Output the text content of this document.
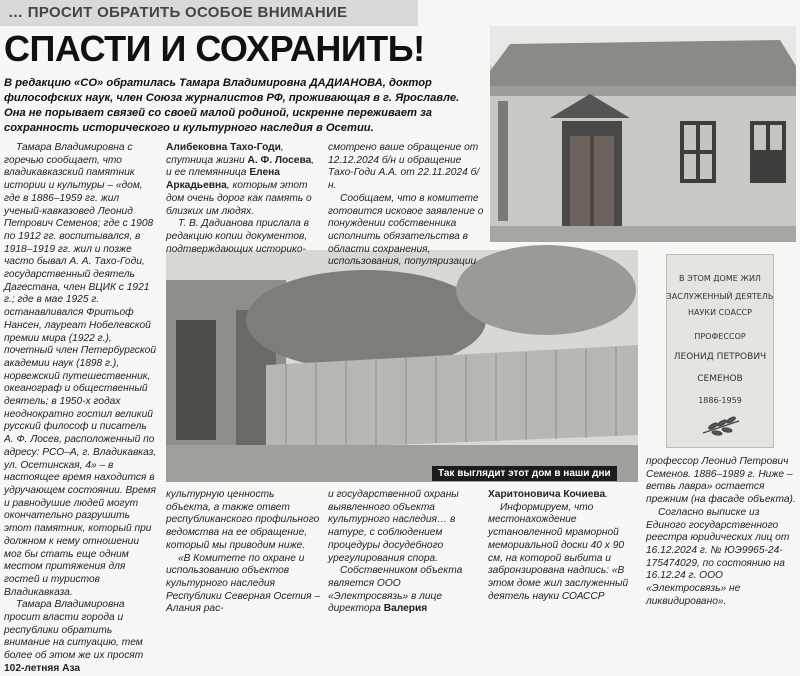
… ПРОСИТ ОБРАТИТЬ ОСОБОЕ ВНИМАНИЕ
СПАСТИ И СОХРАНИТЬ!
В редакцию «СО» обратилась Тамара Владимировна ДАДИАНОВА, доктор философских наук, член Союза журналистов РФ, проживающая в г. Ярославле. Она не порывает связей со своей малой родиной, искренне переживает за сохранность исторического и культурного наследия в Осетии.
Так выглядит этот дом в наши дни
В ЭТОМ ДОМЕ ЖИЛ
ЗАСЛУЖЕННЫЙ ДЕЯТЕЛЬ
НАУКИ СОАССР
ПРОФЕССОР
ЛЕОНИД ПЕТРОВИЧ
СЕМЕНОВ
1886-1959

Тамара Владимировна с горечью сообщает, что владикавказский памятник истории и культуры – «дом, где в 1886–1959 гг. жил ученый-кавказовед Леонид Петрович Семенов; где с 1908 по 1912 гг. воспитывался, в 1918–1919 гг. жил и позже часто бывал А. А. Тахо-Годи, государственный деятель Дагестана, член ВЦИК с 1921 г.; где в мае 1925 г. останавливался Фритьоф Нансен, лауреат Нобелевской премии мира (1922 г.), почетный член Петербургской академии наук (1898 г.), норвежский путешественник, океанограф и общественный деятель; в 1950-х годах неоднократно гостил великий русский философ и писатель А. Ф. Лосев, расположенный по адресу: РСО–А, г. Владикавказ, ул. Осетинская, 4» – в настоящее время находится в удручающем состоянии. Время и равнодушие людей могут окончательно разрушить этот памятник, который при должном к нему отношении мог бы стать еще одним местом притяжения для гостей и туристов Владикавказа.

Тамара Владимировна просит власти города и республики обратить внимание на ситуацию, тем более об этом же их просят 102-летняя Аза

Алибековна Тахо-Годи, спутница жизни А. Ф. Лосева, и ее племянница Елена Аркадьевна, которым этот дом очень дорог как память о близких им людях.

Т. В. Дадианова прислала в редакцию копии документов, подтверждающих историко-

смотрено ваше обращение от 12.12.2024 б/н и обращение Тахо-Годи А.А. от 22.11.2024 б/н.

Сообщаем, что в комитете готовится исковое заявление о понуждении собственника исполнить обязательства в области сохранения, использования, популяризации

культурную ценность объекта, а также ответ республиканского профильного ведомства на ее обращение, который мы приводим ниже.

«В Комитете по охране и использованию объектов культурного наследия Республики Северная Осетия – Алания рас-

и государственной охраны выявленного объекта культурного наследия… в натуре, с соблюдением процедуры досудебного урегулирования спора.

Собственником объекта является ООО «Электросвязь» в лице директора Валерия

Харитоновича Кочиева.

Информируем, что местонахождение установленной мраморной мемориальной доски 40 х 90 см, на которой выбита и забронзирована надпись: «В этом доме жил заслуженный деятель науки СОАССР

профессор Леонид Петрович Семенов. 1886–1989 г. Ниже – ветвь лавра» остается прежним (на фасаде объекта).

Согласно выписке из Единого государственного реестра юридических лиц от 16.12.2024 г. № ЮЭ9965-24-175474029, по состоянию на 16.12.24 г. ООО «Электросвязь» не ликвидировано».
